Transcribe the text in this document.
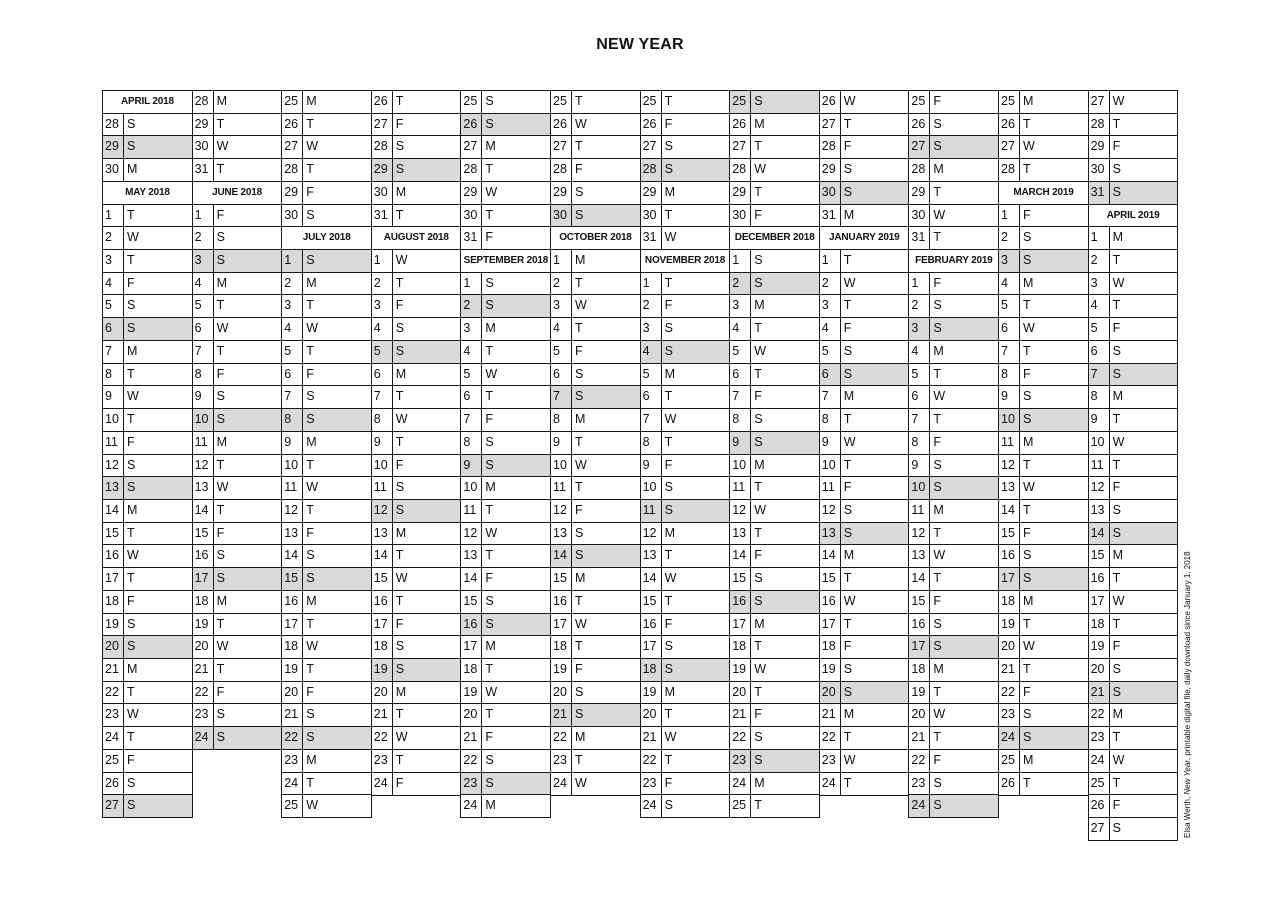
NEW YEAR
APRIL 2018
28 S
29 S
30 M
MAY 2018
1	T
2	W
3	T
4	F
5	S
6	S
7	M
8	T
9	W
10 T
11 F
12 S
13 S
14 M
15 T
16 W
17 T
18 F
19 S
20 S
21 M
22 T
23 W
24 T
25 F
26 S
27 S
28 M
29 T
30 W
31 T
JUNE 2018
1	F
2	S
3	S
4	M
5	T
6	W
7	T
8	F
9	S
10 S
11 M
12 T
13 W
14 T
15 F
16 S
17 S
18 M
19 T
20 W
21 T
22 F
23 S
24 S
25 M
26 T
27 W
28 T
29 F
30 S
JULY 2018
1	S
2	M
3	T
4	W
5	T
6	F
7	S
8	S
9	M
10 T
11 W
12 T
13 F
14 S
15 S
16 M
17 T
18 W
19 T
20 F
21 S
22 S
23 M
24 T
25 W
26 T
27 F
28 S
29 S
30 M
31 T
AUGUST 2018
1	W
2	T
3	F
4	S
5	S
6	M
7	T
8	W
9	T
10 F
11 S
12 S
13 M
14 T
15 W
16 T
17 F
18 S
19 S
20 M
21 T
22 W
23 T
24 F
25 S
26 S
27 M
28 T
29 W
30 T
31 F
SEPTEMBER 2018
1	S
2	S
3	M
4	T
5	W
6	T
7	F
8	S
9	S
10 M
11 T
12 W
13 T
14 F
15 S
16 S
17 M
18 T
19 W
20 T
21 F
22 S
23 S
24 M
25 T
26 W
27 T
28 F
29 S
30 S
OCTOBER 2018
1	M
2	T
3	W
4	T
5	F
6	S
7	S
8	M
9	T
10 W
11 T
12 F
13 S
14 S
15 M
16 T
17 W
18 T
19 F
20 S
21 S
22 M
23 T
24 W
25 T
26 F
27 S
28 S
29 M
30 T
31 W
NOVEMBER 2018
1	T
2	F
3	S
4	S
5	M
6	T
7	W
8	T
9	F
10 S
11 S
12 M
13 T
14 W
15 T
16 F
17 S
18 S
19 M
20 T
21 W
22 T
23 F
24 S
25 S
26 M
27 T
28 W
29 T
30 F
DECEMBER 2018
1	S
2	S
3	M
4	T
5	W
6	T
7	F
8	S
9	S
10 M
11 T
12 W
13 T
14 F
15 S
16 S
17 M
18 T
19 W
20 T
21 F
22 S
23 S
24 M
25 T
26 W
27 T
28 F
29 S
30 S
31 M
JANUARY 2019
1	T
2	W
3	T
4	F
5	S
6	S
7	M
8	T
9	W
10 T
11 F
12 S
13 S
14 M
15 T
16 W
17 T
18 F
19 S
20 S
21 M
22 T
23 W
24 T
25 F
26 S
27 S
28 M
29 T
30 W
31 T
FEBRUARY 2019
1	F
2	S
3	S
4	M
5	T
6	W
7	T
8	F
9	S
10 S
11 M
12 T
13 W
14 T
15 F
16 S
17 S
18 M
19 T
20 W
21 T
22 F
23 S
24 S
25 M
26 T
27 W
28 T
MARCH 2019
1	F
2	S
3	S
4	M
5	T
6	W
7	T
8	F
9	S
10 S
11 M
12 T
13 W
14 T
15 F
16 S
17 S
18 M
19 T
20 W
21 T
22 F
23 S
24 S
25 M
26 T
27 W
28 T
29 F
30 S
31 S
APRIL 2019
1	M
2	T
3	W
4	T
5	F
6	S
7	S
8	M
9	T
10 W
11 T
12 F
13 S
14 S
15 M
16 T
17 W
18 T
19 F
20 S
21 S
22 M
23 T
24 W
25 T
26 F
27 S	Elsa Werth, New Year, printable digital file, daily download since January 1, 2018
